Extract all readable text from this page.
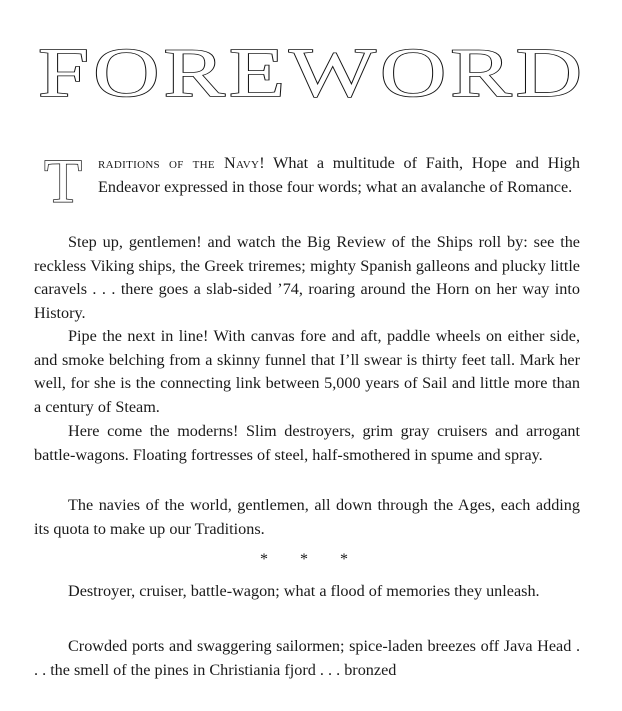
FOREWORD
T raditions of the Navy! What a multitude of Faith, Hope and High Endeavor expressed in those four words; what an avalanche of Romance.

Step up, gentlemen! and watch the Big Review of the Ships roll by: see the reckless Viking ships, the Greek triremes; mighty Spanish galleons and plucky little caravels . . . there goes a slab-sided ’74, roaring around the Horn on her way into History.

Pipe the next in line! With canvas fore and aft, paddle wheels on either side, and smoke belching from a skinny funnel that I’ll swear is thirty feet tall. Mark her well, for she is the connecting link between 5,000 years of Sail and little more than a century of Steam.

Here come the moderns! Slim destroyers, grim gray cruisers and arrogant battle-wagons. Floating fortresses of steel, half-smothered in spume and spray.

The navies of the world, gentlemen, all down through the Ages, each adding its quota to make up our Traditions.

* * *

Destroyer, cruiser, battle-wagon; what a flood of memories they unleash.

Crowded ports and swaggering sailormen; spice-laden breezes off Java Head . . . the smell of the pines in Christiania fjord . . . bronzed
